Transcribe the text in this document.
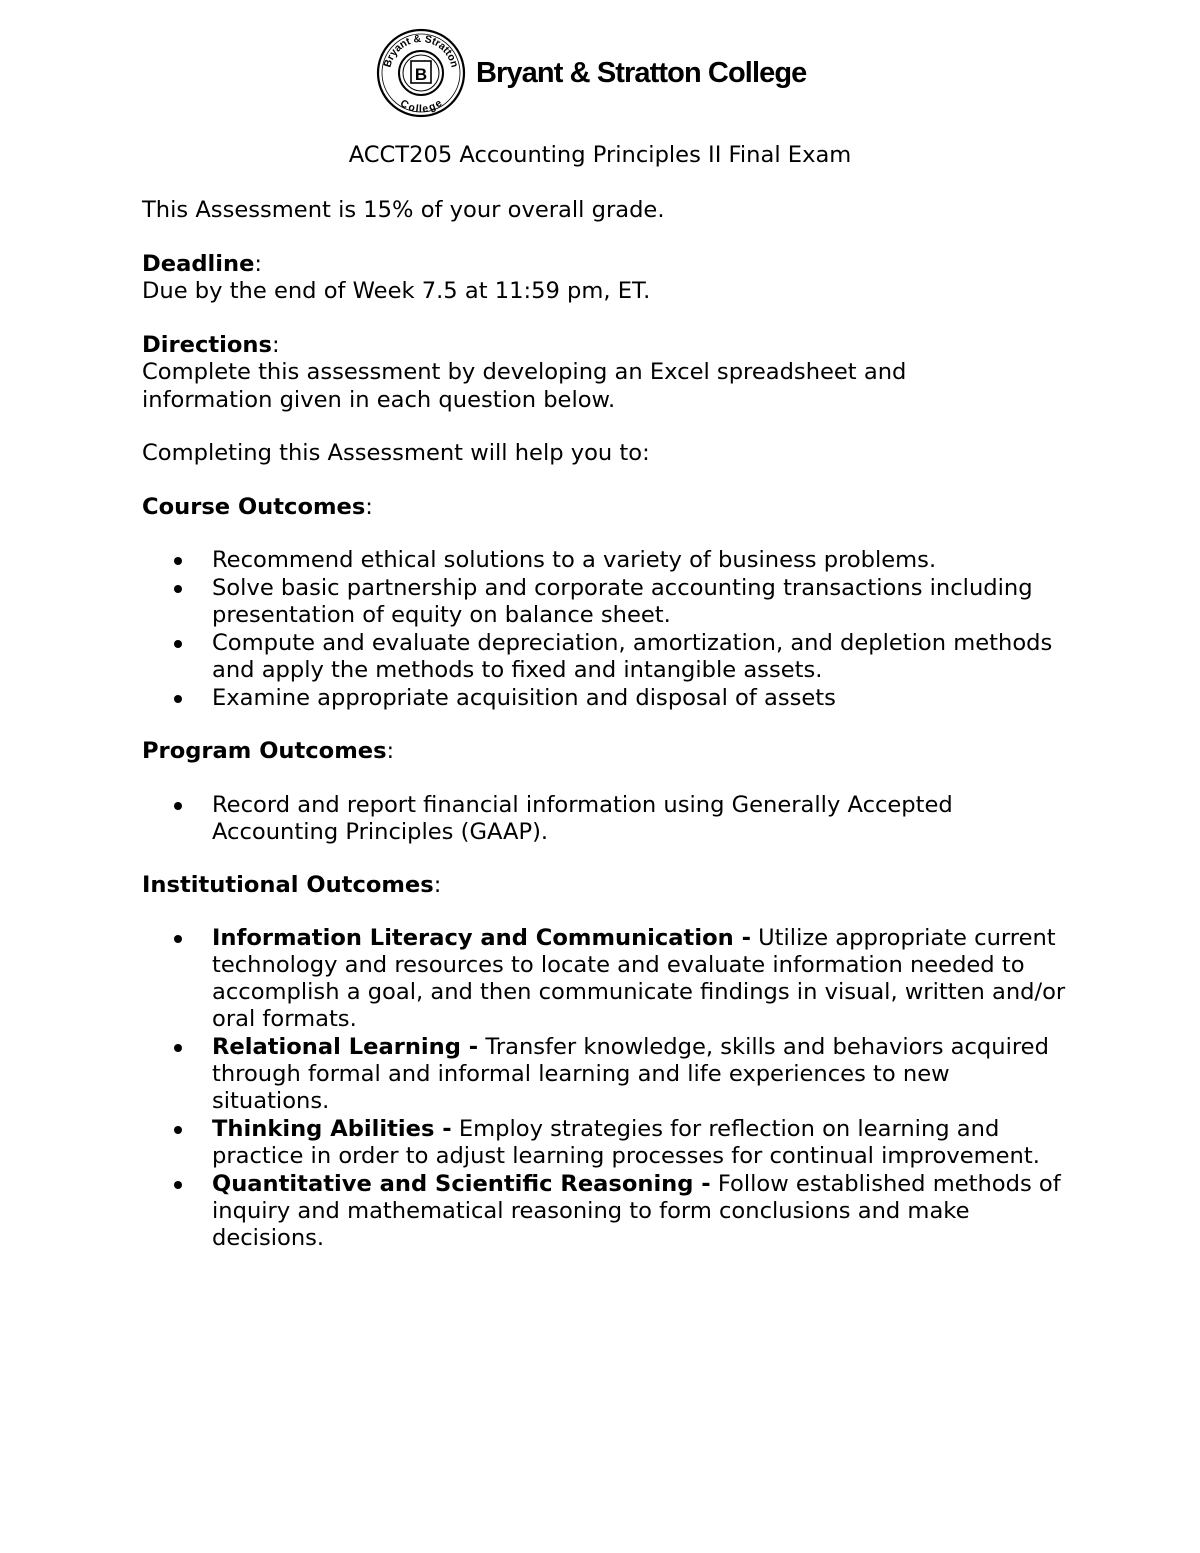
B
Bryant & Stratton
College
Bryant & Stratton College
ACCT205 Accounting Principles II Final Exam

This Assessment is 15% of your overall grade.

Deadline:
Due by the end of Week 7.5 at 11:59 pm, ET.

Directions:
Complete this assessment by developing an Excel spreadsheet and
information given in each question below.

Completing this Assessment will help you to:

Course Outcomes:

Recommend ethical solutions to a variety of business problems.
Solve basic partnership and corporate accounting transactions including presentation of equity on balance sheet.
Compute and evaluate depreciation, amortization, and depletion methods and apply the methods to fixed and intangible assets.
Examine appropriate acquisition and disposal of assets

Program Outcomes:

Record and report financial information using Generally Accepted Accounting Principles (GAAP).

Institutional Outcomes:

Information Literacy and Communication - Utilize appropriate current technology and resources to locate and evaluate information needed to accomplish a goal, and then communicate findings in visual, written and/or oral formats.
Relational Learning - Transfer knowledge, skills and behaviors acquired through formal and informal learning and life experiences to new situations.
Thinking Abilities - Employ strategies for reflection on learning and practice in order to adjust learning processes for continual improvement.
Quantitative and Scientific Reasoning - Follow established methods of inquiry and mathematical reasoning to form conclusions and make decisions.
